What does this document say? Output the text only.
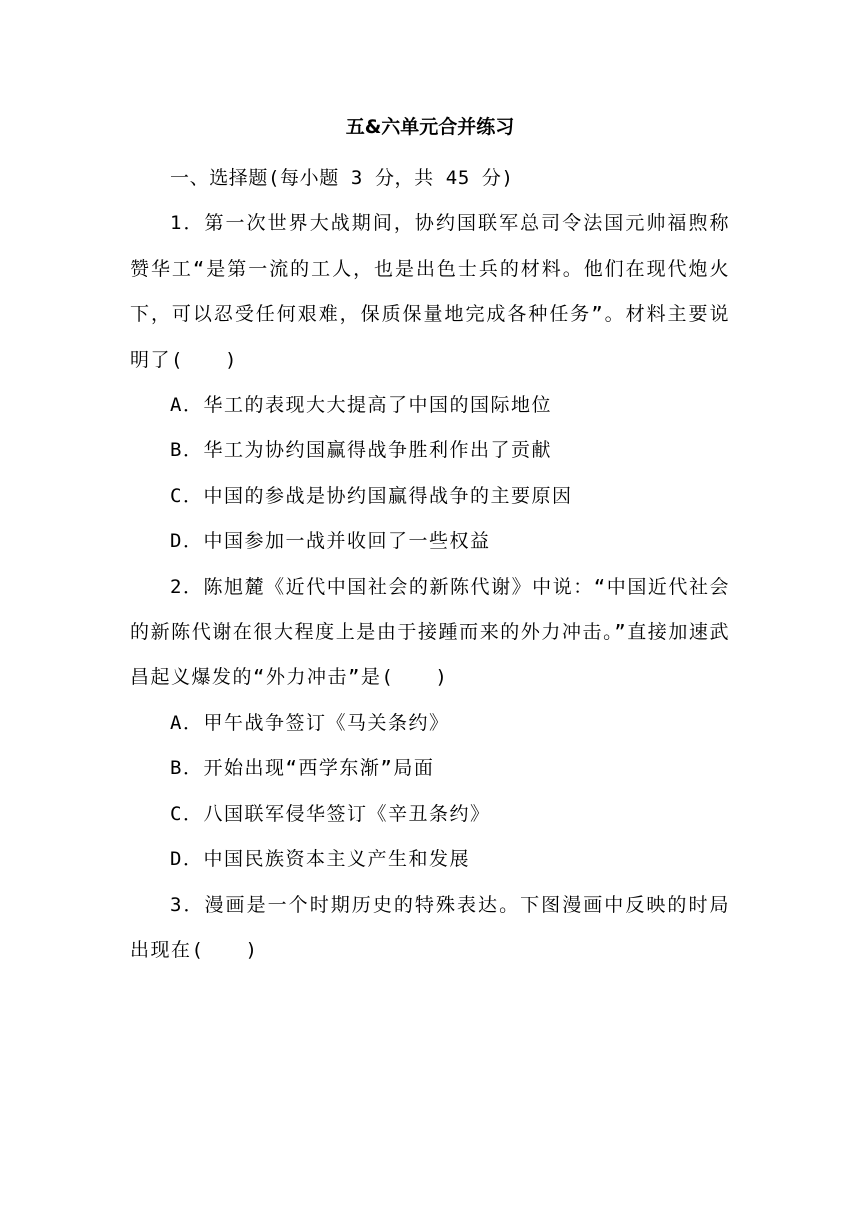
五&六单元合并练习

一、选择题(每小题 3 分，共 45 分)

1．第一次世界大战期间，协约国联军总司令法国元帅福煦称赞华工“是第一流的工人，也是出色士兵的材料。他们在现代炮火下，可以忍受任何艰难，保质保量地完成各种任务”。材料主要说明了(　　)

A．华工的表现大大提高了中国的国际地位

B．华工为协约国赢得战争胜利作出了贡献

C．中国的参战是协约国赢得战争的主要原因

D．中国参加一战并收回了一些权益

2．陈旭麓《近代中国社会的新陈代谢》中说：“中国近代社会的新陈代谢在很大程度上是由于接踵而来的外力冲击。”直接加速武昌起义爆发的“外力冲击”是(　　)

A．甲午战争签订《马关条约》

B．开始出现“西学东渐”局面

C．八国联军侵华签订《辛丑条约》

D．中国民族资本主义产生和发展

3．漫画是一个时期历史的特殊表达。下图漫画中反映的时局出现在(　　)
